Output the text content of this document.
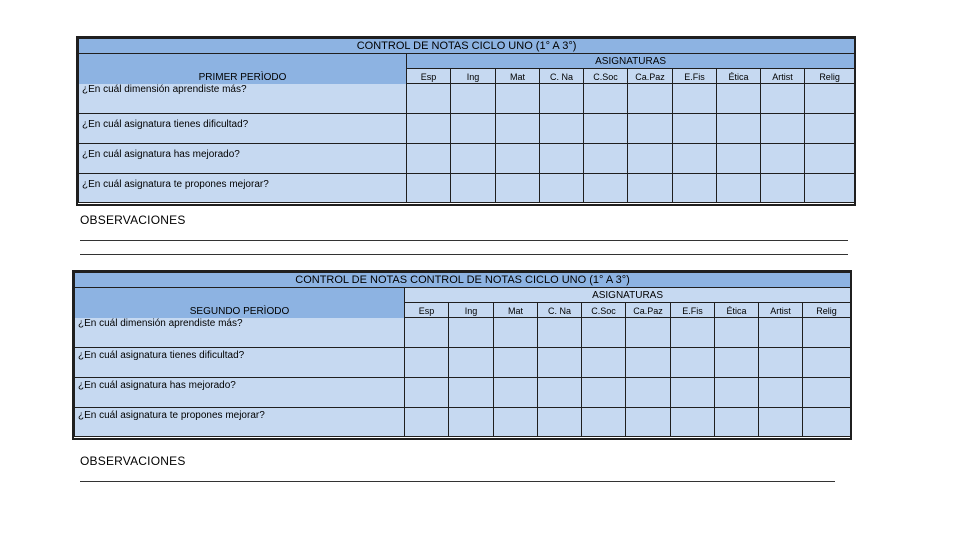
CONTROL DE NOTAS CICLO UNO (1° A 3°)										
PRIMER PERÌODO	ASIGNATURAS									
	Esp	Ing	Mat	C. Na	C.Soc	Ca.Paz	E.Fis	Ética	Artist	Relig
¿En cuál dimensión aprendiste más?										
¿En cuál asignatura tienes dificultad?										
¿En cuál asignatura has mejorado?										
¿En cuál asignatura te propones mejorar?										
OBSERVACIONES
CONTROL DE NOTAS CONTROL DE NOTAS CICLO UNO (1° A 3°)										
SEGUNDO PERÌODO	ASIGNATURAS									
	Esp	Ing	Mat	C. Na	C.Soc	Ca.Paz	E.Fis	Ética	Artist	Relig
¿En cuál dimensión aprendiste más?										
¿En cuál asignatura tienes dificultad?										
¿En cuál asignatura has mejorado?										
¿En cuál asignatura te propones mejorar?										
OBSERVACIONES
